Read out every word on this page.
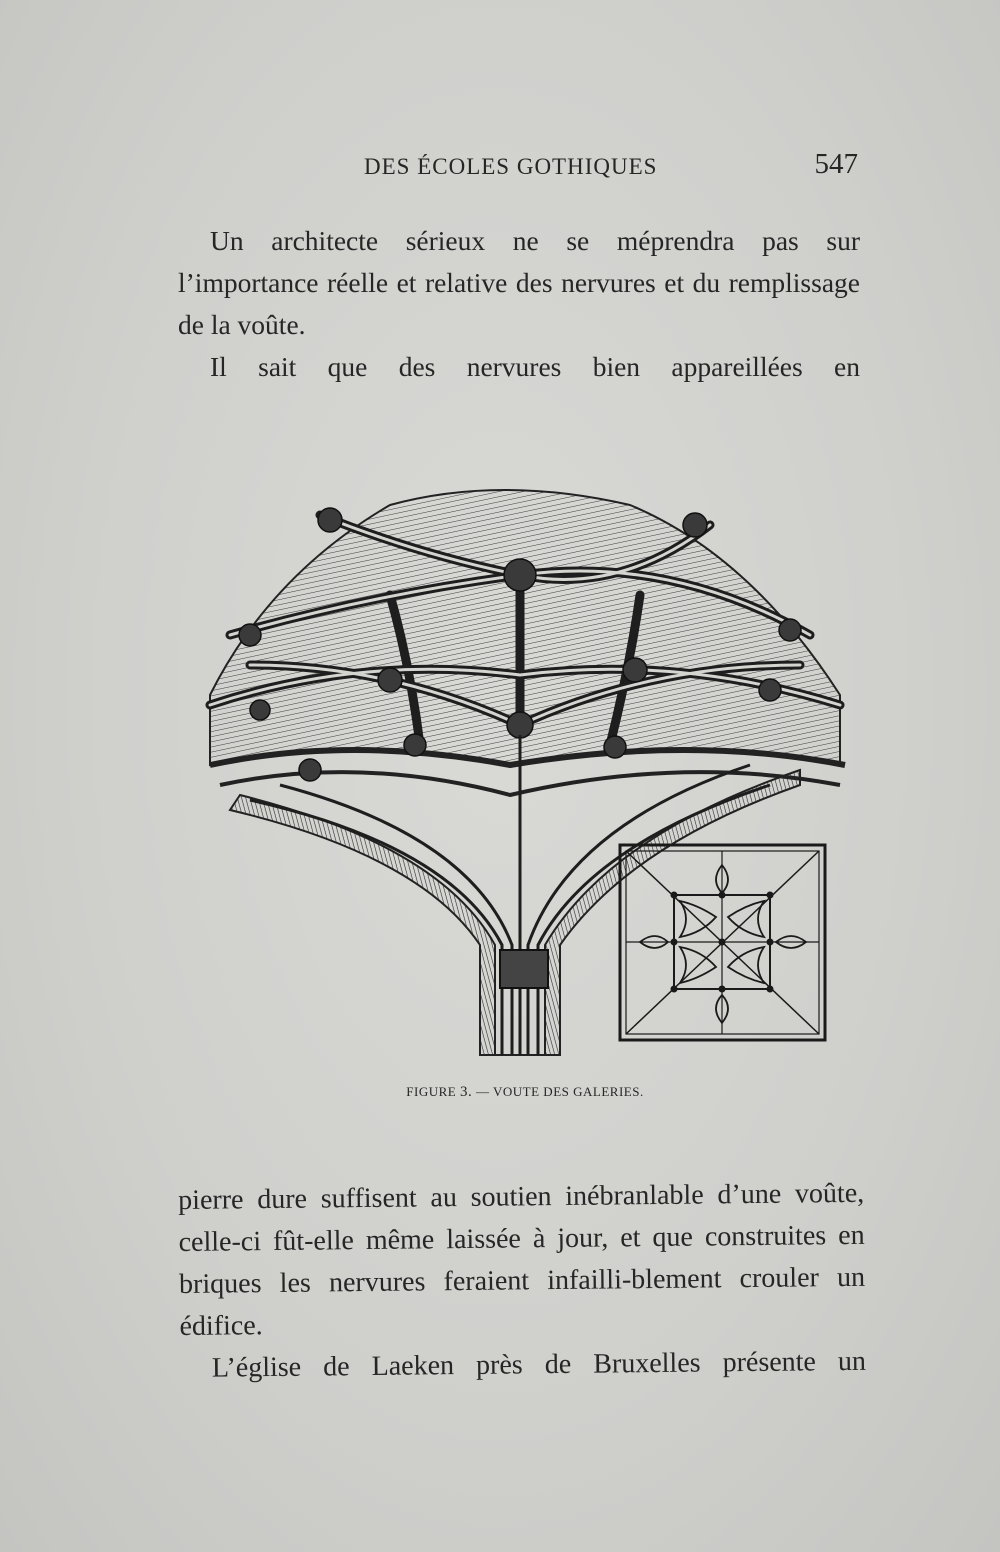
DES ÉCOLES GOTHIQUES	547

Un architecte sérieux ne se méprendra pas sur l’importance réelle et relative des nervures et du remplissage de la voûte.

Il sait que des nervures bien appareillées en

FIGURE 3. — VOUTE DES GALERIES.

pierre dure suffisent au soutien inébranlable d’une voûte, celle-ci fût-elle même laissée à jour, et que construites en briques les nervures feraient infailli-blement crouler un édifice.

L’église de Laeken près de Bruxelles présente un
